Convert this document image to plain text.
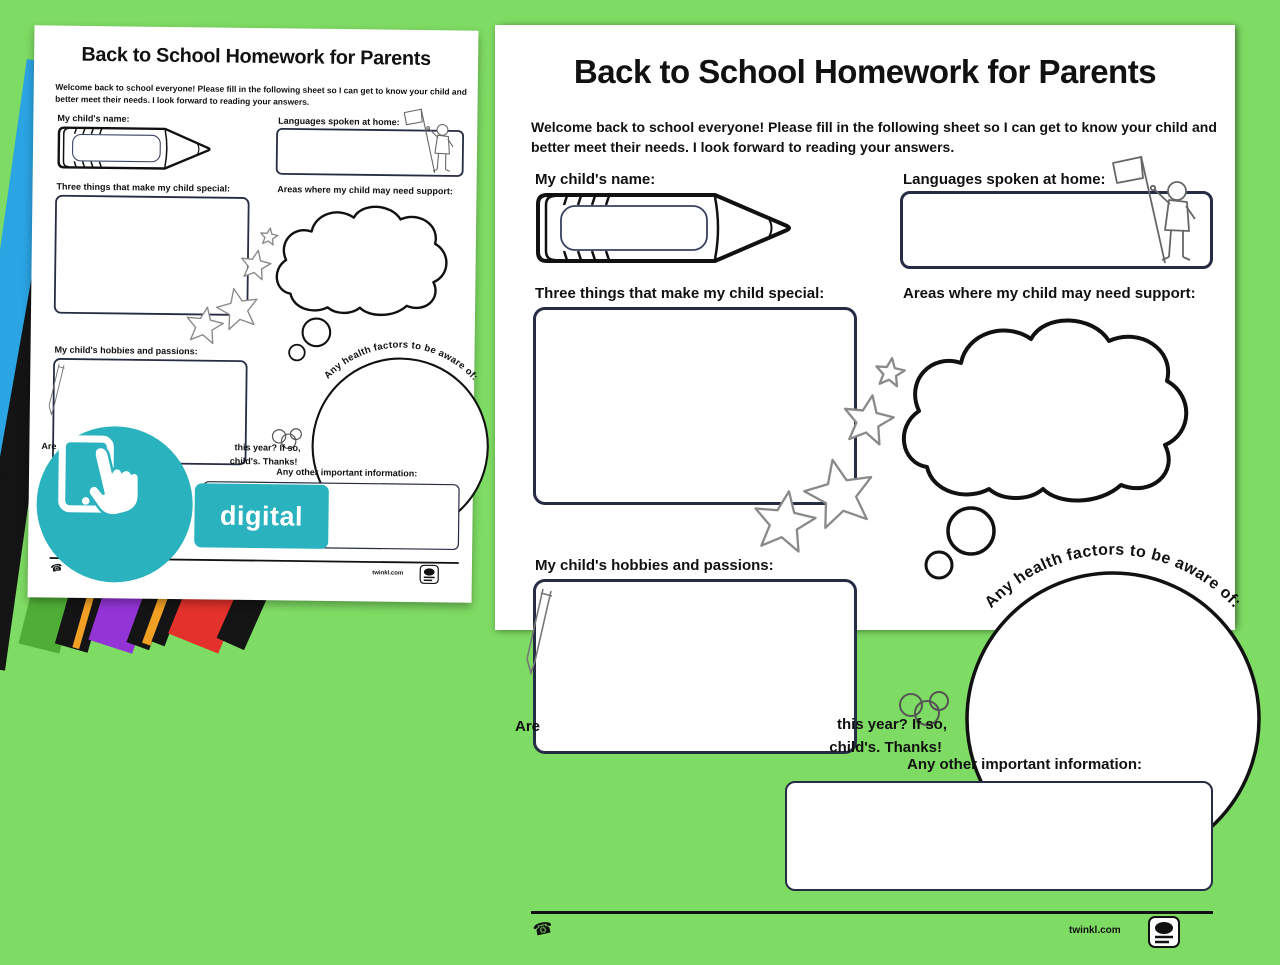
Back to School Homework for Parents

Welcome back to school everyone! Please fill in the following sheet so I can get to know your child and better meet their needs. I look forward to reading your answers.

My child's name:	Languages spoken at home:
Three things that make my child special:	Areas where my child may need support:
Any health factors to be aware of:
My child's hobbies and passions:
Are	this year? If so,
child's. Thanks!
Any other important information:
☎	twinkl.com
digital
Back to School Homework for Parents

Welcome back to school everyone! Please fill in the following sheet so I can get to know your child and better meet their needs. I look forward to reading your answers.

My child's name:	Languages spoken at home:
Three things that make my child special:	Areas where my child may need support:
Any health factors to be aware of:
My child's hobbies and passions:
Are	this year? If so,
child's. Thanks!
Any other important information:
☎	twinkl.com
